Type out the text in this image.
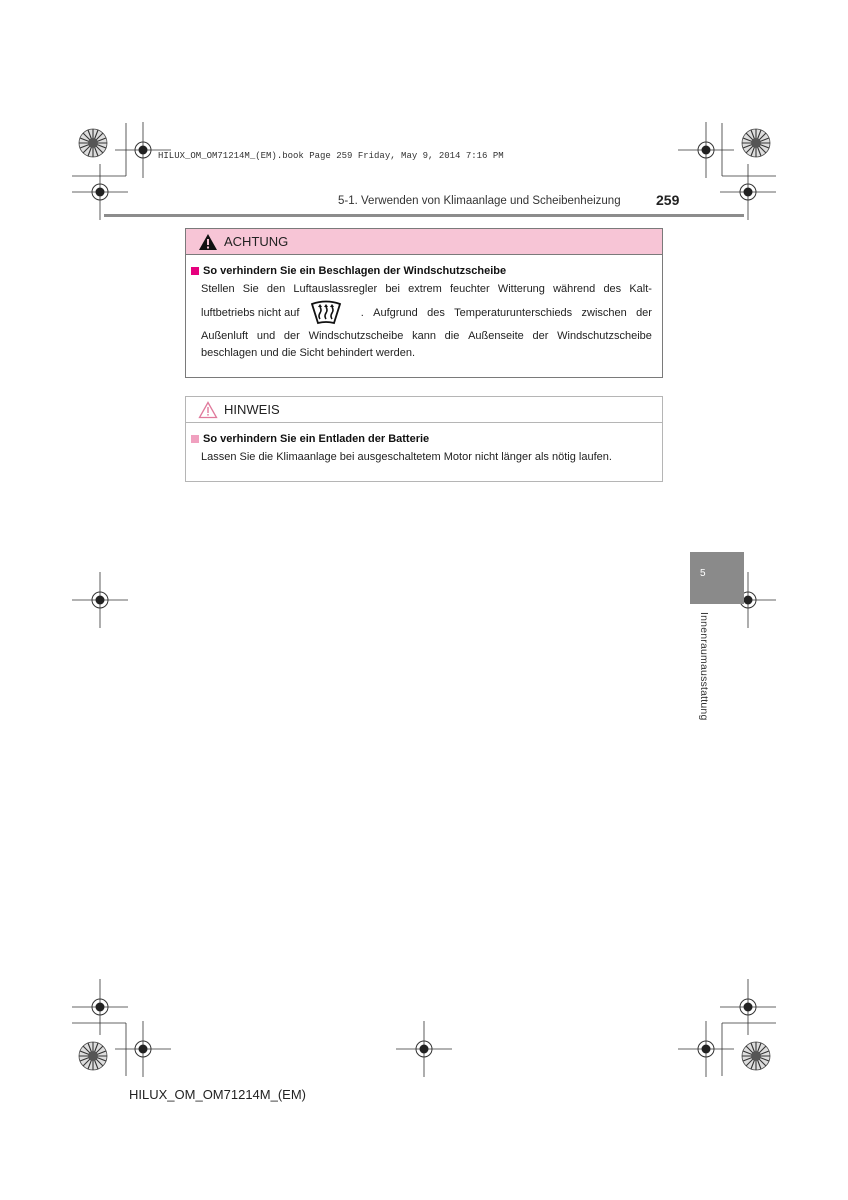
HILUX_OM_OM71214M_(EM).book Page 259 Friday, May 9, 2014 7:16 PM
5-1. Verwenden von Klimaanlage und Scheibenheizung	259
ACHTUNG
So verhindern Sie ein Beschlagen der Windschutzscheibe
Stellen Sie den Luftauslassregler bei extrem feuchter Witterung während des Kalt-
luftbetriebs nicht auf	. Aufgrund des Temperaturunterschieds zwischen der
Außenluft und der Windschutzscheibe kann die Außenseite der Windschutzscheibe
beschlagen und die Sicht behindert werden.
HINWEIS
So verhindern Sie ein Entladen der Batterie
Lassen Sie die Klimaanlage bei ausgeschaltetem Motor nicht länger als nötig laufen.
5
Innenraumausstattung
HILUX_OM_OM71214M_(EM)
